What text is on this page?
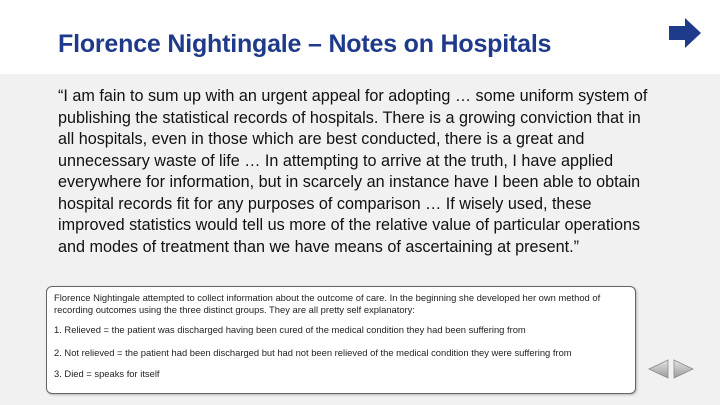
Florence Nightingale – Notes on Hospitals
“I am fain to sum up with an urgent appeal for adopting … some uniform system of publishing the statistical records of hospitals. There is a growing conviction that in all hospitals, even in those which are best conducted, there is a great and unnecessary waste of life … In attempting to arrive at the truth, I have applied everywhere for information, but in scarcely an instance have I been able to obtain hospital records fit for any purposes of comparison … If wisely used, these improved statistics would tell us more of the relative value of particular operations and modes of treatment than we have means of ascertaining at present.”

Florence Nightingale attempted to collect information about the outcome of care. In the beginning she developed her own method of recording outcomes using the three distinct groups. They are all pretty self explanatory:

1. Relieved = the patient was discharged having been cured of the medical condition they had been suffering from

2. Not relieved = the patient had been discharged but had not been relieved of the medical condition they were suffering from

3. Died = speaks for itself
